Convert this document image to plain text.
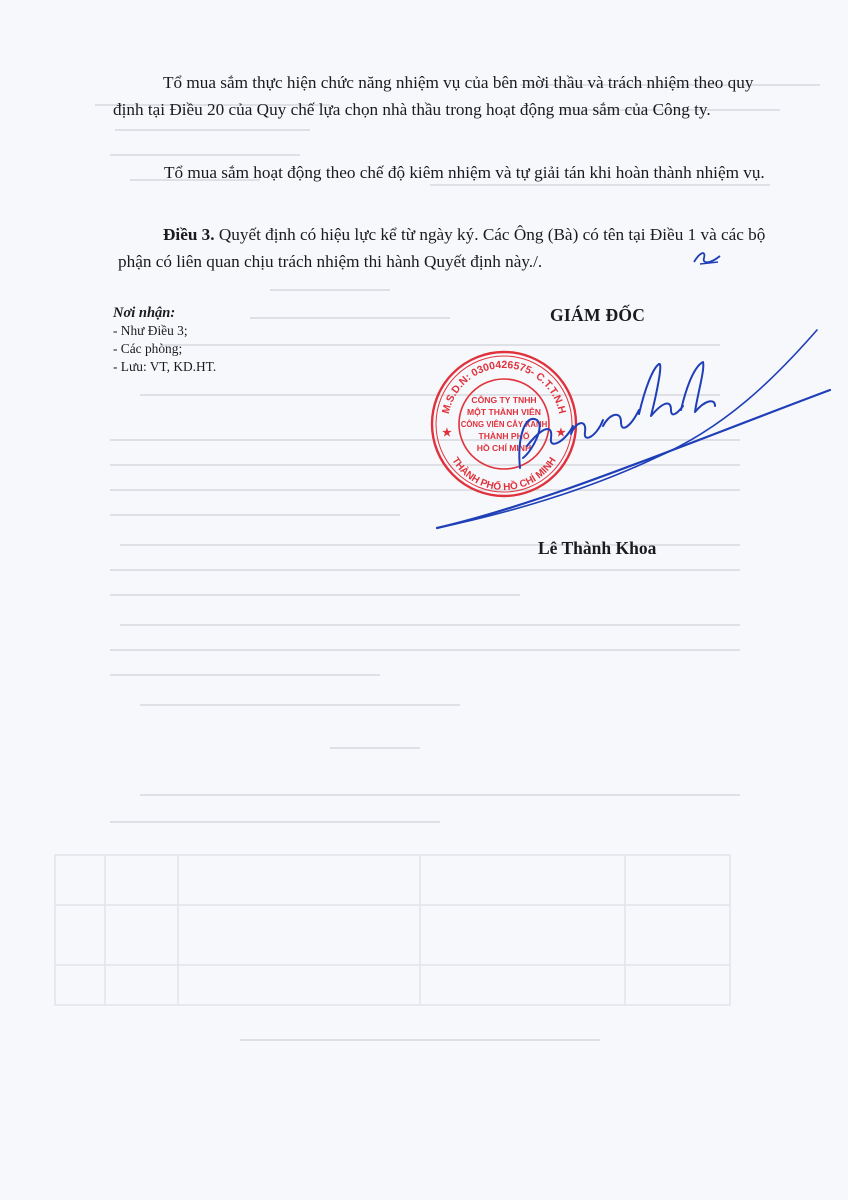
Tổ mua sắm thực hiện chức năng nhiệm vụ của bên mời thầu và trách nhiệm theo quy định tại Điều 20 của Quy chế lựa chọn nhà thầu trong hoạt động mua sắm của Công ty.

Tổ mua sắm hoạt động theo chế độ kiêm nhiệm và tự giải tán khi hoàn thành nhiệm vụ.

Điều 3. Quyết định có hiệu lực kể từ ngày ký. Các Ông (Bà) có tên tại Điều 1 và các bộ phận có liên quan chịu trách nhiệm thi hành Quyết định này./.

Nơi nhận:
- Như Điều 3;
- Các phòng;
- Lưu: VT, KD.HT.
GIÁM ĐỐC
M.S.D.N: 0300426575- C.T.T.N.H
THÀNH PHỐ HỒ CHÍ MINH
★	★
CÔNG TY TNHH
MỘT THÀNH VIÊN
CÔNG VIÊN CÂY XANH
THÀNH PHỐ
HỒ CHÍ MINH
Lê Thành Khoa
